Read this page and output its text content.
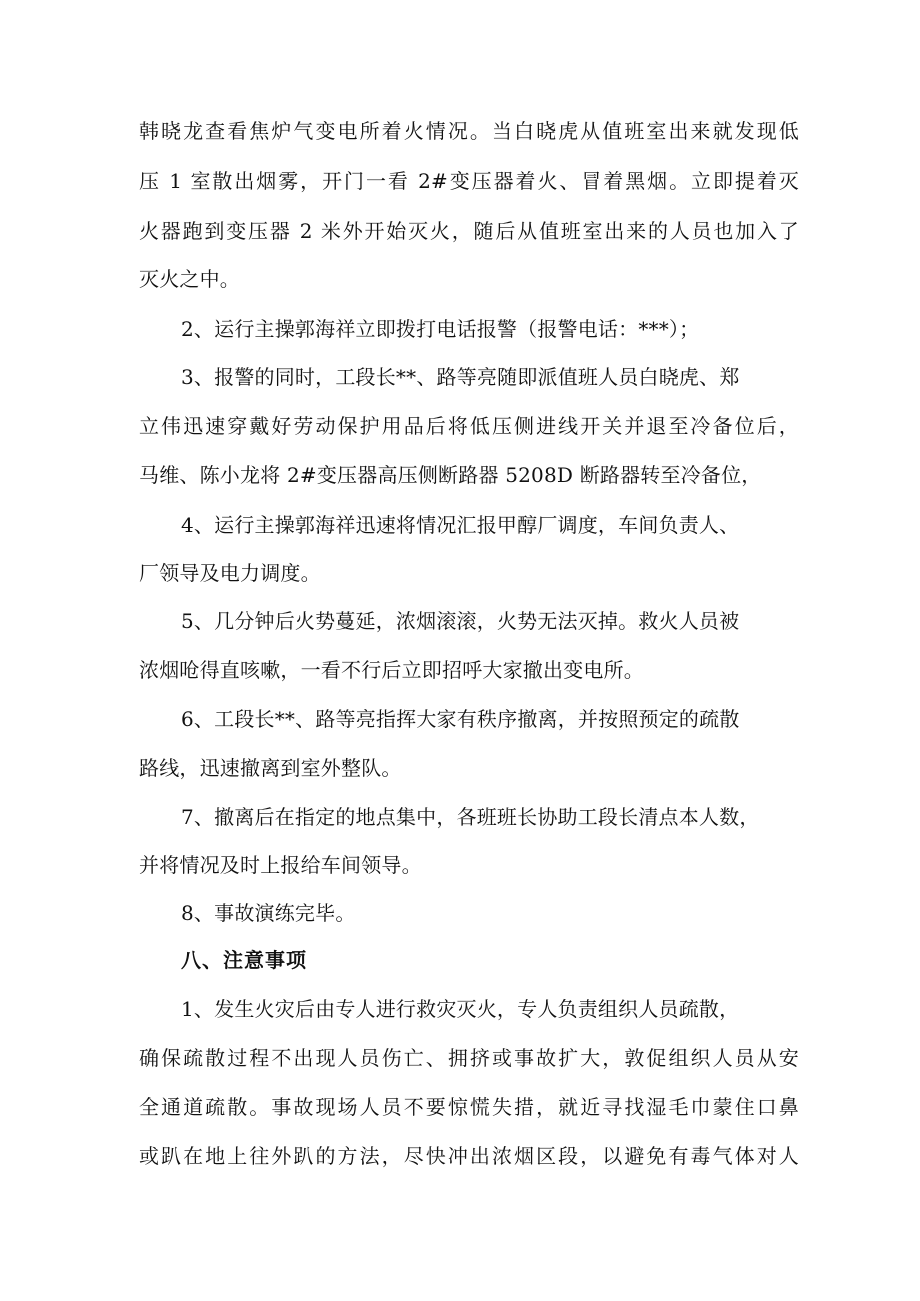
韩晓龙查看焦炉气变电所着火情况。当白晓虎从值班室出来就发现低
压 1 室散出烟雾，开门一看 2#变压器着火、冒着黑烟。立即提着灭
火器跑到变压器 2 米外开始灭火，随后从值班室出来的人员也加入了
灭火之中。
2、运行主操郭海祥立即拨打电话报警（报警电话：***）；
3、报警的同时，工段长**、路等亮随即派值班人员白晓虎、郑
立伟迅速穿戴好劳动保护用品后将低压侧进线开关并退至冷备位后，
马维、陈小龙将 2#变压器高压侧断路器 5208D 断路器转至冷备位，
4、运行主操郭海祥迅速将情况汇报甲醇厂调度，车间负责人、
厂领导及电力调度。
5、几分钟后火势蔓延，浓烟滚滚，火势无法灭掉。救火人员被
浓烟呛得直咳嗽，一看不行后立即招呼大家撤出变电所。
6、工段长**、路等亮指挥大家有秩序撤离，并按照预定的疏散
路线，迅速撤离到室外整队。
7、撤离后在指定的地点集中，各班班长协助工段长清点本人数，
并将情况及时上报给车间领导。
8、事故演练完毕。
八、注意事项
1、发生火灾后由专人进行救灾灭火，专人负责组织人员疏散，
确保疏散过程不出现人员伤亡、拥挤或事故扩大，敦促组织人员从安
全通道疏散。事故现场人员不要惊慌失措，就近寻找湿毛巾蒙住口鼻
或趴在地上往外趴的方法，尽快冲出浓烟区段，以避免有毒气体对人
